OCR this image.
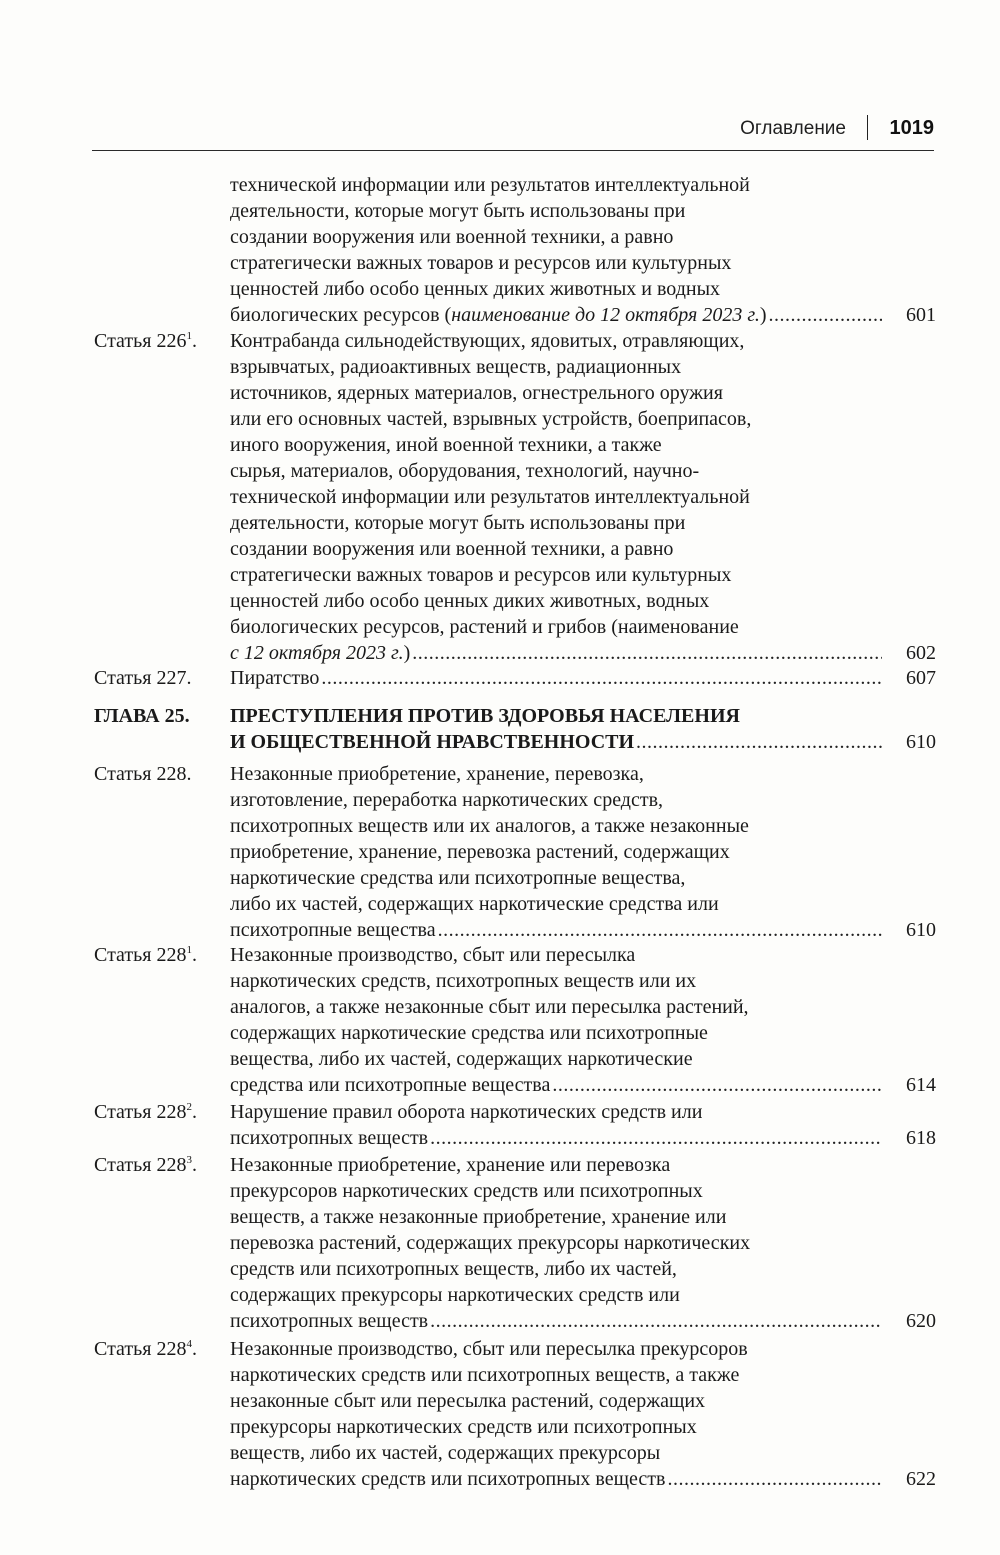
Оглавление 1019
технической информации или результатов интеллектуальной
деятельности, которые могут быть использованы при
создании вооружения или военной техники, а равно
стратегически важных товаров и ресурсов или культурных
ценностей либо особо ценных диких животных и водных
биологических ресурсов (наименование до 12 октября 2023 г.) .....	601
Статья $226^1$.	Контрабанда сильнодействующих, ядовитых, отравляющих,
взрывчатых, радиоактивных веществ, радиационных
источников, ядерных материалов, огнестрельного оружия
или его основных частей, взрывных устройств, боеприпасов,
иного вооружения, иной военной техники, а также
сырья, материалов, оборудования, технологий, научно-
технической информации или результатов интеллектуальной
деятельности, которые могут быть использованы при
создании вооружения или военной техники, а равно
стратегически важных товаров и ресурсов или культурных
ценностей либо особо ценных диких животных, водных
биологических ресурсов, растений и грибов (наименование
с 12 октября 2023 г.) .....	602
Статья 227.	Пиратство .....	607
ГЛАВА 25.	ПРЕСТУПЛЕНИЯ ПРОТИВ ЗДОРОВЬЯ НАСЕЛЕНИЯ
И ОБЩЕСТВЕННОЙ НРАВСТВЕННОСТИ .....	610
Статья 228.	Незаконные приобретение, хранение, перевозка,
изготовление, переработка наркотических средств,
психотропных веществ или их аналогов, а также незаконные
приобретение, хранение, перевозка растений, содержащих
наркотические средства или психотропные вещества,
либо их частей, содержащих наркотические средства или
психотропные вещества .....	610
Статья $228^1$.	Незаконные производство, сбыт или пересылка
наркотических средств, психотропных веществ или их
аналогов, а также незаконные сбыт или пересылка растений,
содержащих наркотические средства или психотропные
вещества, либо их частей, содержащих наркотические
средства или психотропные вещества .....	614
Статья $228^2$.	Нарушение правил оборота наркотических средств или
психотропных веществ .....	618
Статья $228^3$.	Незаконные приобретение, хранение или перевозка
прекурсоров наркотических средств или психотропных
веществ, а также незаконные приобретение, хранение или
перевозка растений, содержащих прекурсоры наркотических
средств или психотропных веществ, либо их частей,
содержащих прекурсоры наркотических средств или
психотропных веществ .....	620
Статья $228^4$.	Незаконные производство, сбыт или пересылка прекурсоров
наркотических средств или психотропных веществ, а также
незаконные сбыт или пересылка растений, содержащих
прекурсоры наркотических средств или психотропных
веществ, либо их частей, содержащих прекурсоры
наркотических средств или психотропных веществ .....	622
